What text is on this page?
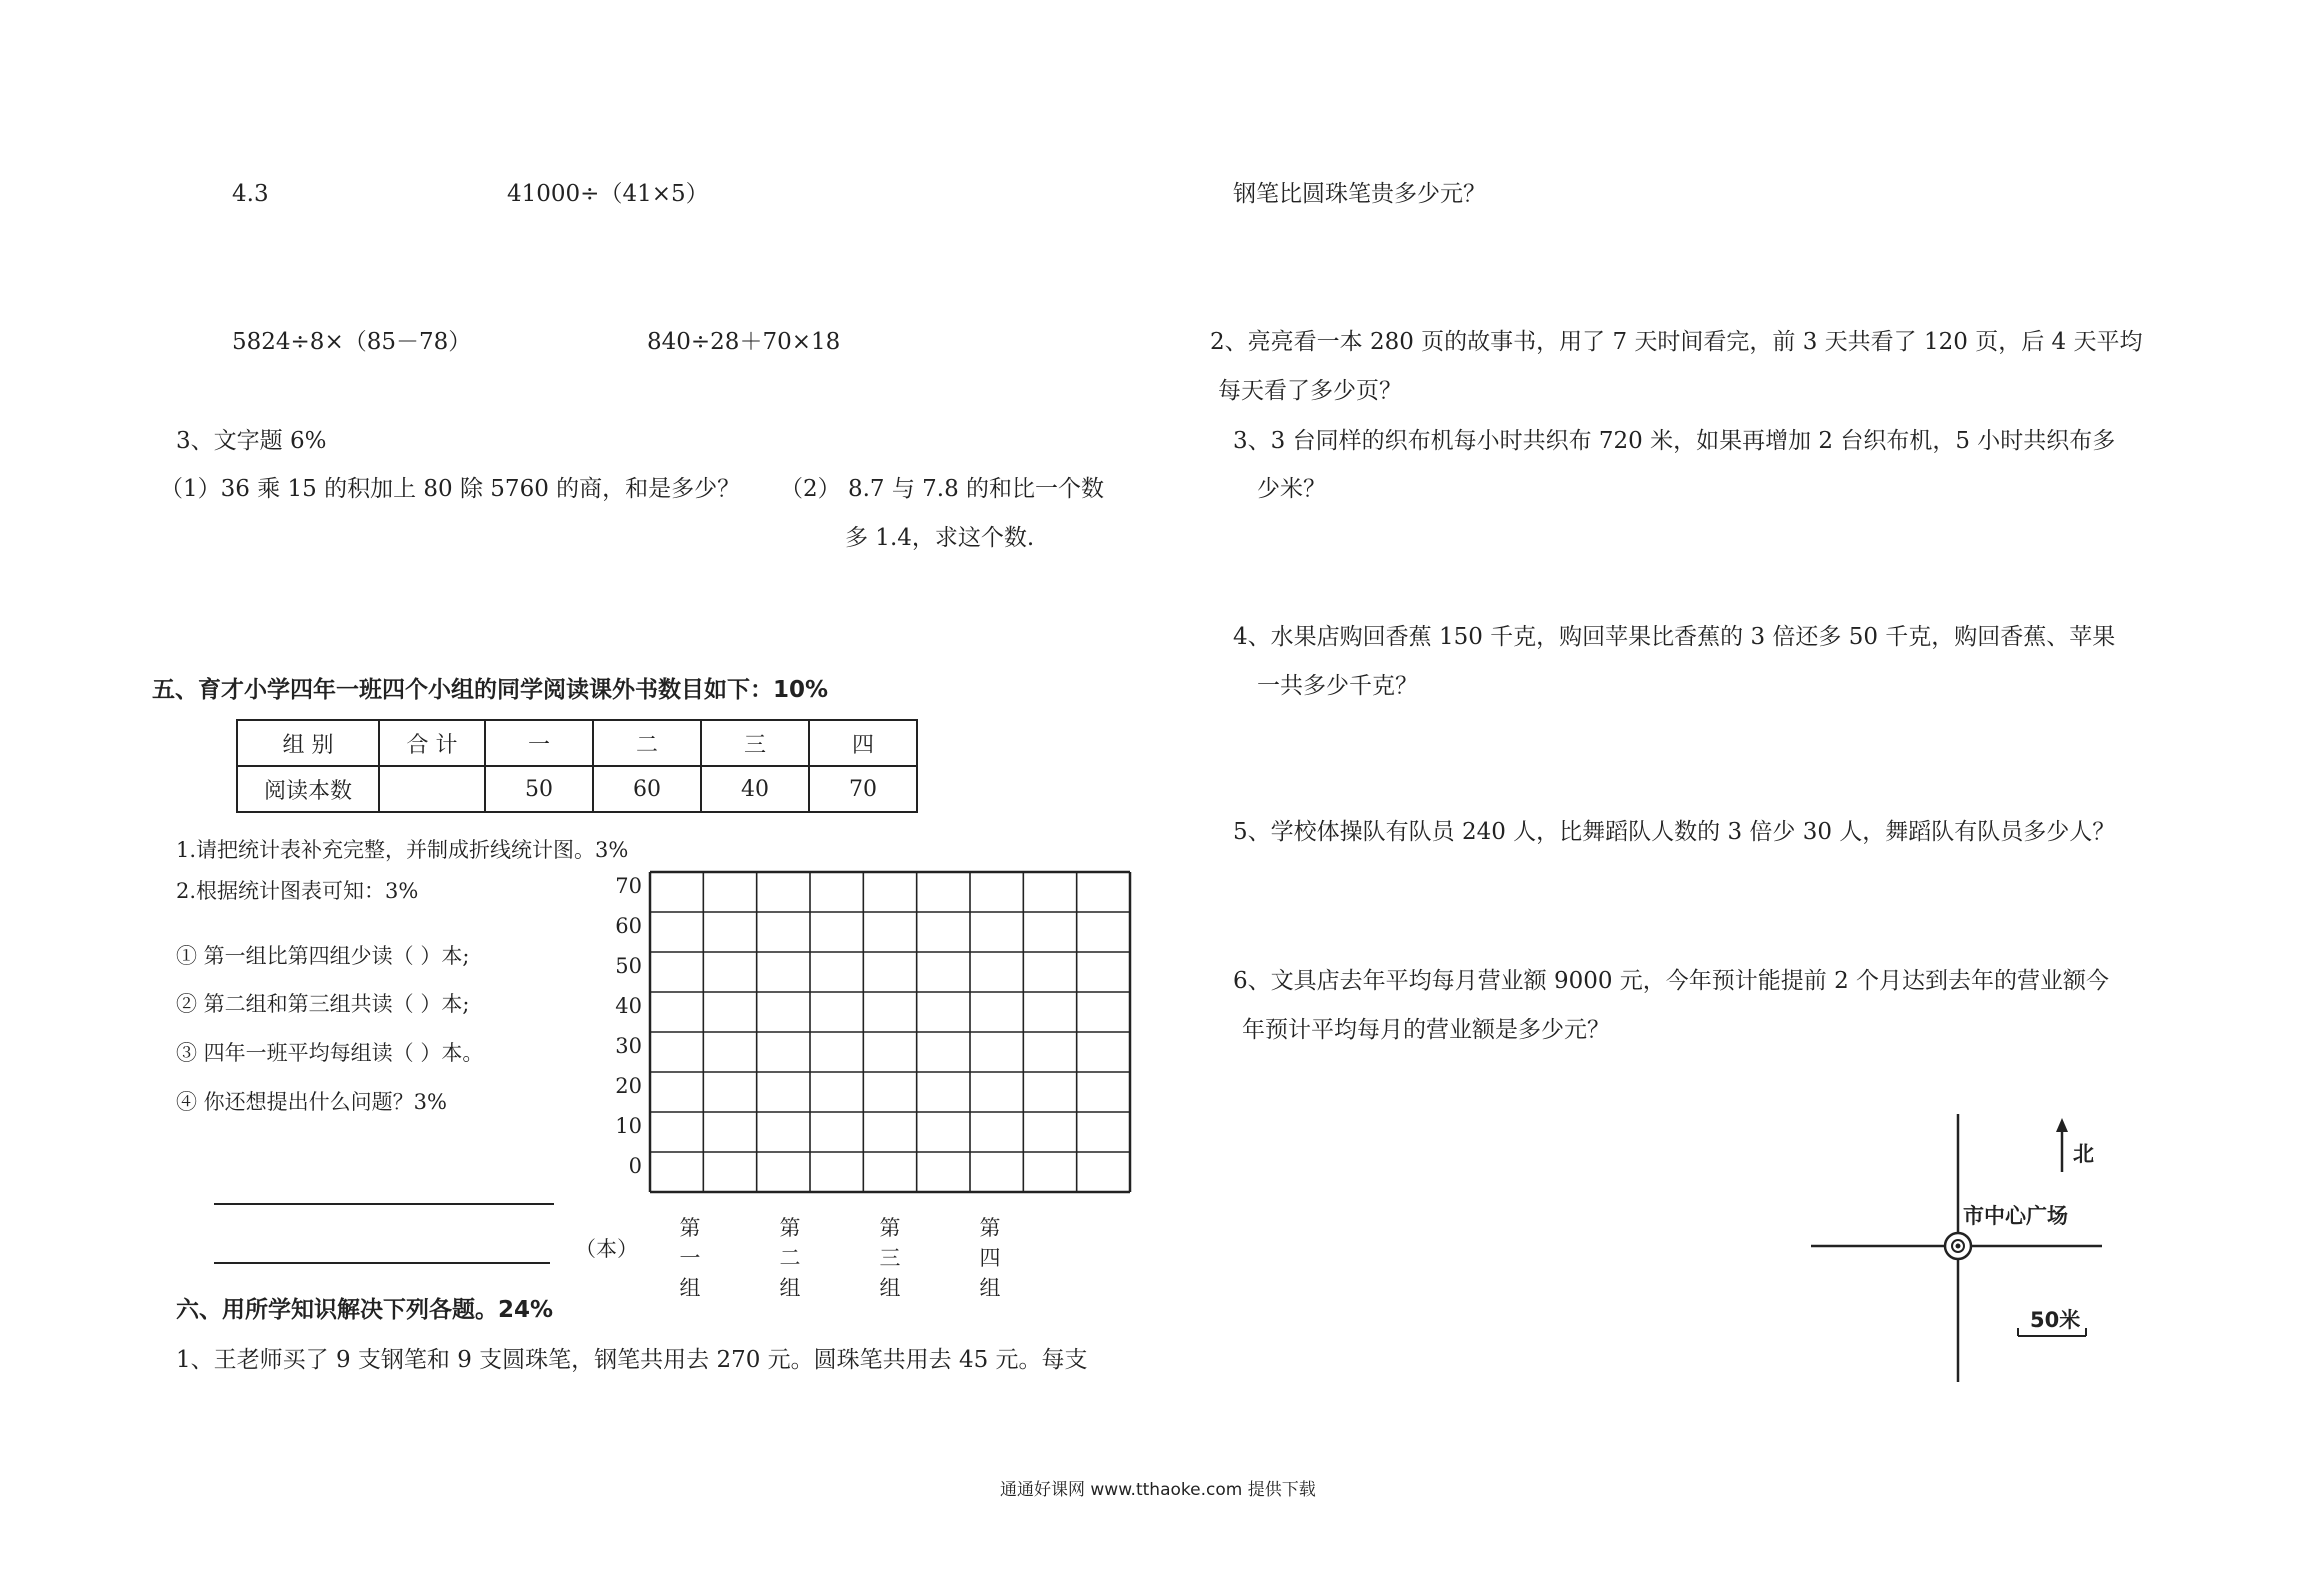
4.3	41000÷（41×5）
5824÷8×（85－78）	840÷28＋70×18
3、文字题 6%
（1）36 乘 15 的积加上 80 除 5760 的商，和是多少？ （2） 8.7 与 7.8 的和比一个数
多 1.4，求这个数.
五、育才小学四年一班四个小组的同学阅读课外书数目如下：10%
组 别	合 计	一	二	三	四
阅读本数		50	60	40	70
1.请把统计表补充完整，并制成折线统计图。3%
2.根据统计图表可知：3%
① 第一组比第四组少读（ ）本;
② 第二组和第三组共读（ ）本;
③ 四年一班平均每组读（ ）本。
④ 你还想提出什么问题？3%
70
60
50
40
30
20
10
0
第
一
组
第
二
组
第
三
组
第
四
组
（本）
六、用所学知识解决下列各题。24%
1、王老师买了 9 支钢笔和 9 支圆珠笔，钢笔共用去 270 元。圆珠笔共用去 45 元。每支
钢笔比圆珠笔贵多少元？
2、亮亮看一本 280 页的故事书，用了 7 天时间看完，前 3 天共看了 120 页，后 4 天平均
每天看了多少页？
3、3 台同样的织布机每小时共织布 720 米，如果再增加 2 台织布机，5 小时共织布多
少米？
4、水果店购回香蕉 150 千克，购回苹果比香蕉的 3 倍还多 50 千克，购回香蕉、苹果
一共多少千克？
5、学校体操队有队员 240 人，比舞蹈队人数的 3 倍少 30 人，舞蹈队有队员多少人？
6、文具店去年平均每月营业额 9000 元，今年预计能提前 2 个月达到去年的营业额今
年预计平均每月的营业额是多少元？
北
市中心广场
50米
通通好课网 www.tthaoke.com 提供下载
